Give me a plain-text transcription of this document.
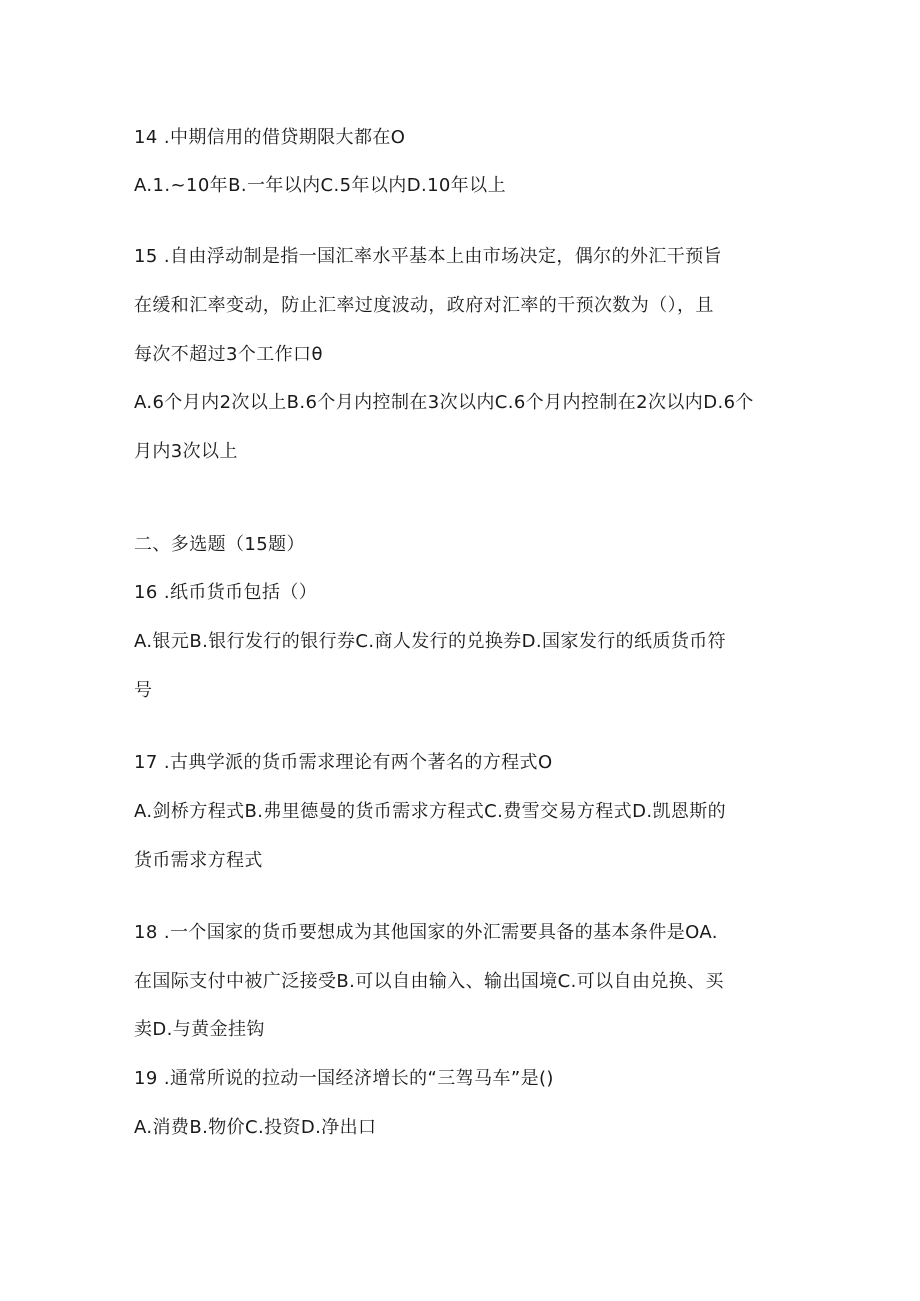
14 .中期信用的借贷期限大都在O
A.1.~10年B.一年以内C.5年以内D.10年以上
15 .自由浮动制是指一国汇率水平基本上由市场决定，偶尔的外汇干预旨
在缓和汇率变动，防止汇率过度波动，政府对汇率的干预次数为（），且
每次不超过3个工作口θ
A.6个月内2次以上B.6个月内控制在3次以内C.6个月内控制在2次以内D.6个
月内3次以上
二、多选题（15题）
16 .纸币货币包括（）
A.银元B.银行发行的银行券C.商人发行的兑换券D.国家发行的纸质货币符
号
17 .古典学派的货币需求理论有两个著名的方程式O
A.剑桥方程式B.弗里德曼的货币需求方程式C.费雪交易方程式D.凯恩斯的
货币需求方程式
18 .一个国家的货币要想成为其他国家的外汇需要具备的基本条件是OA.
在国际支付中被广泛接受B.可以自由输入、输出国境C.可以自由兑换、买
卖D.与黄金挂钩
19 .通常所说的拉动一国经济增长的“三驾马车”是()
A.消费B.物价C.投资D.净出口
